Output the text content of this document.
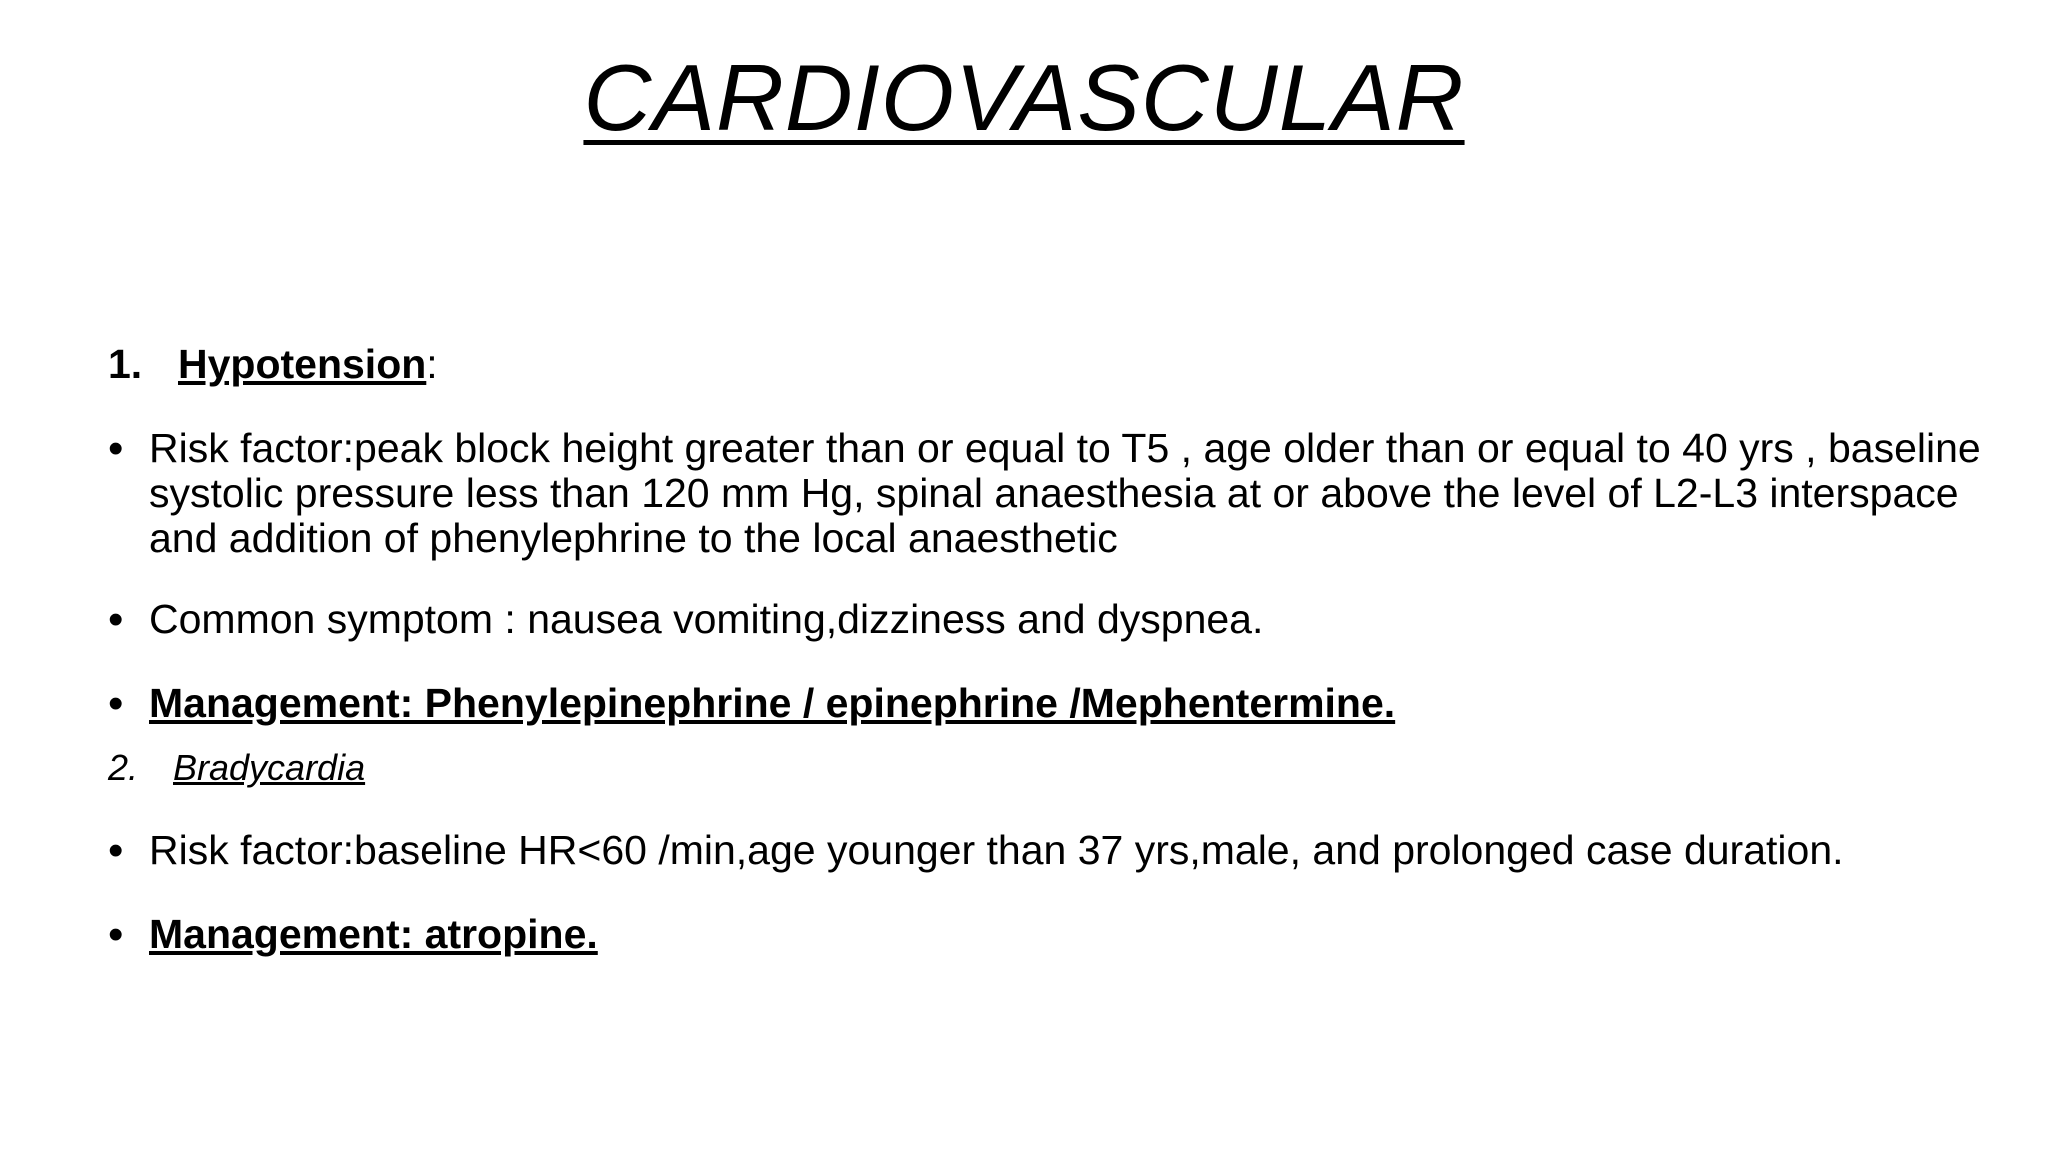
CARDIOVASCULAR
1. Hypotension:
• Risk factor:peak block height greater than or equal to T5 , age older than or equal to 40 yrs , baseline systolic pressure less than 120 mm Hg, spinal anaesthesia at or above the level of L2-L3 interspace and addition of phenylephrine to the local anaesthetic
• Common symptom : nausea vomiting,dizziness and dyspnea.
• Management: Phenylepinephrine / epinephrine /Mephentermine.
2. Bradycardia
• Risk factor:baseline HR<60 /min,age younger than 37 yrs,male, and prolonged case duration.
• Management: atropine.
